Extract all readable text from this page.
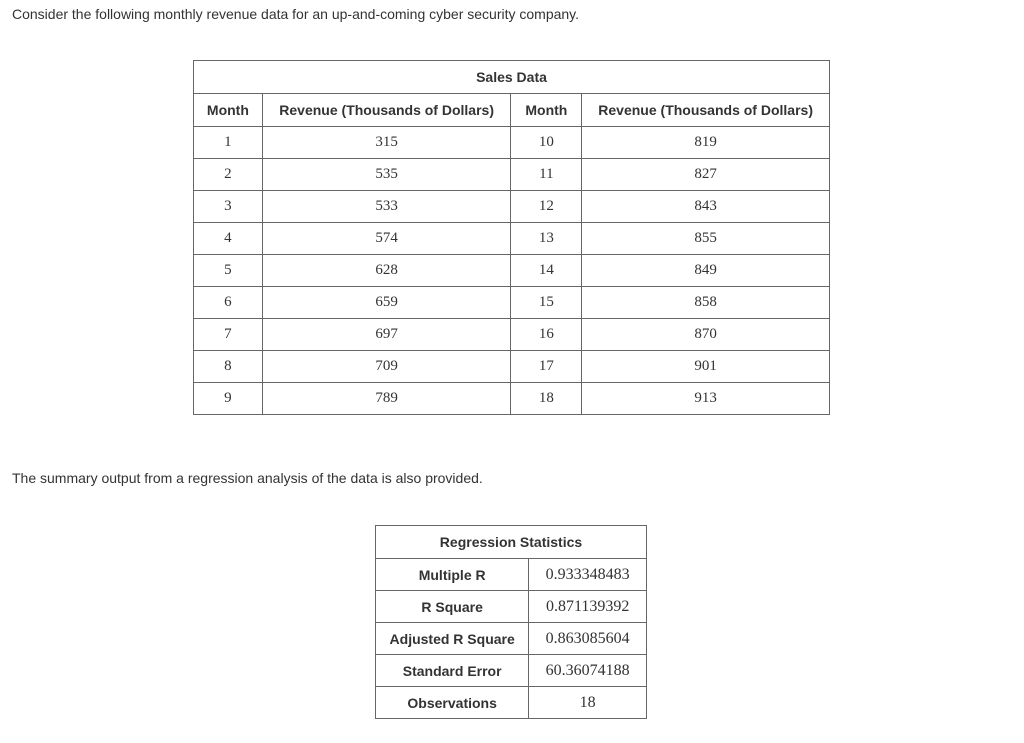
Consider the following monthly revenue data for an up-and-coming cyber security company.

Sales Data			
Month	Revenue (Thousands of Dollars)	Month	Revenue (Thousands of Dollars)
1	315	10	819
2	535	11	827
3	533	12	843
4	574	13	855
5	628	14	849
6	659	15	858
7	697	16	870
8	709	17	901
9	789	18	913

The summary output from a regression analysis of the data is also provided.

Regression Statistics	
Multiple R	0.933348483
R Square	0.871139392
Adjusted R Square	0.863085604
Standard Error	60.36074188
Observations	18
